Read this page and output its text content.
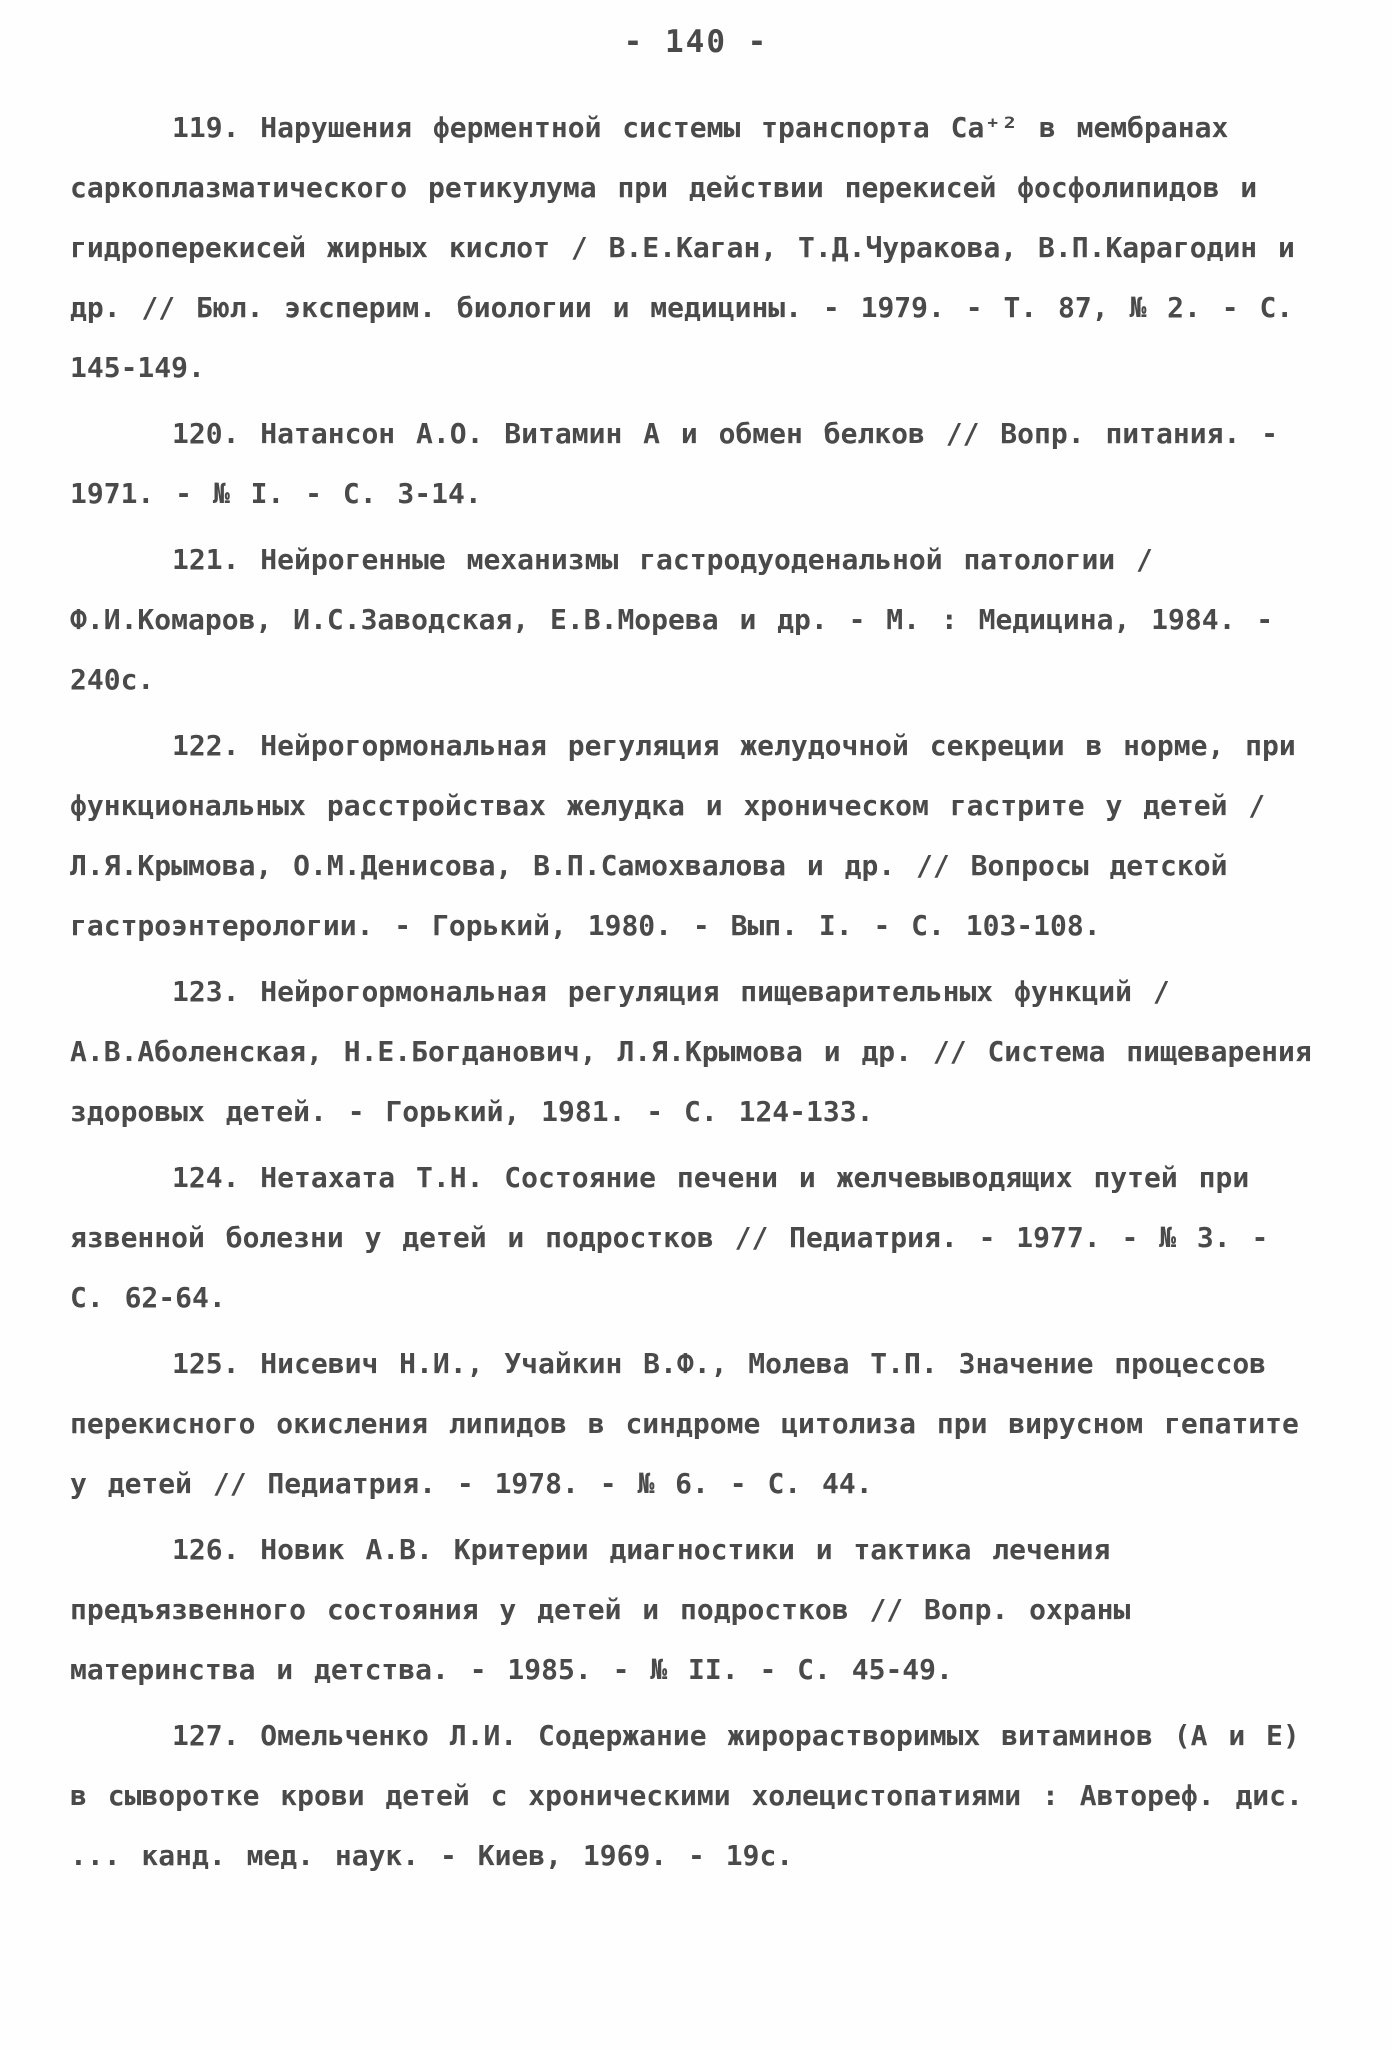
- 140 -

119. Нарушения ферментной системы транспорта Ca⁺² в мембранах саркоплазматического ретикулума при действии перекисей фосфолипидов и гидроперекисей жирных кислот / В.Е.Каган, Т.Д.Чуракова, В.П.Карагодин и др. // Бюл. эксперим. биологии и медицины. - 1979. - Т. 87, № 2. - С. 145-149.

120. Натансон А.О. Витамин А и обмен белков // Вопр. питания. - 1971. - № I. - С. 3-14.

121. Нейрогенные механизмы гастродуоденальной патологии / Ф.И.Комаров, И.С.Заводская, Е.В.Морева и др. - М. : Медицина, 1984. - 240с.

122. Нейрогормональная регуляция желудочной секреции в норме, при функциональных расстройствах желудка и хроническом гастрите у детей / Л.Я.Крымова, О.М.Денисова, В.П.Самохвалова и др. // Вопросы детской гастроэнтерологии. - Горький, 1980. - Вып. I. - С. 103-108.

123. Нейрогормональная регуляция пищеварительных функций / А.В.Аболенская, Н.Е.Богданович, Л.Я.Крымова и др. // Система пищеварения здоровых детей. - Горький, 1981. - С. 124-133.

124. Нетахата Т.Н. Состояние печени и желчевыводящих путей при язвенной болезни у детей и подростков // Педиатрия. - 1977. - № 3. - С. 62-64.

125. Нисевич Н.И., Учайкин В.Ф., Молева Т.П. Значение процессов перекисного окисления липидов в синдроме цитолиза при вирусном гепатите у детей // Педиатрия. - 1978. - № 6. - С. 44.

126. Новик А.В. Критерии диагностики и тактика лечения предъязвенного состояния у детей и подростков // Вопр. охраны материнства и детства. - 1985. - № II. - С. 45-49.

127. Омельченко Л.И. Содержание жирорастворимых витаминов (А и Е) в сыворотке крови детей с хроническими холецистопатиями : Автореф. дис. ... канд. мед. наук. - Киев, 1969. - 19с.
